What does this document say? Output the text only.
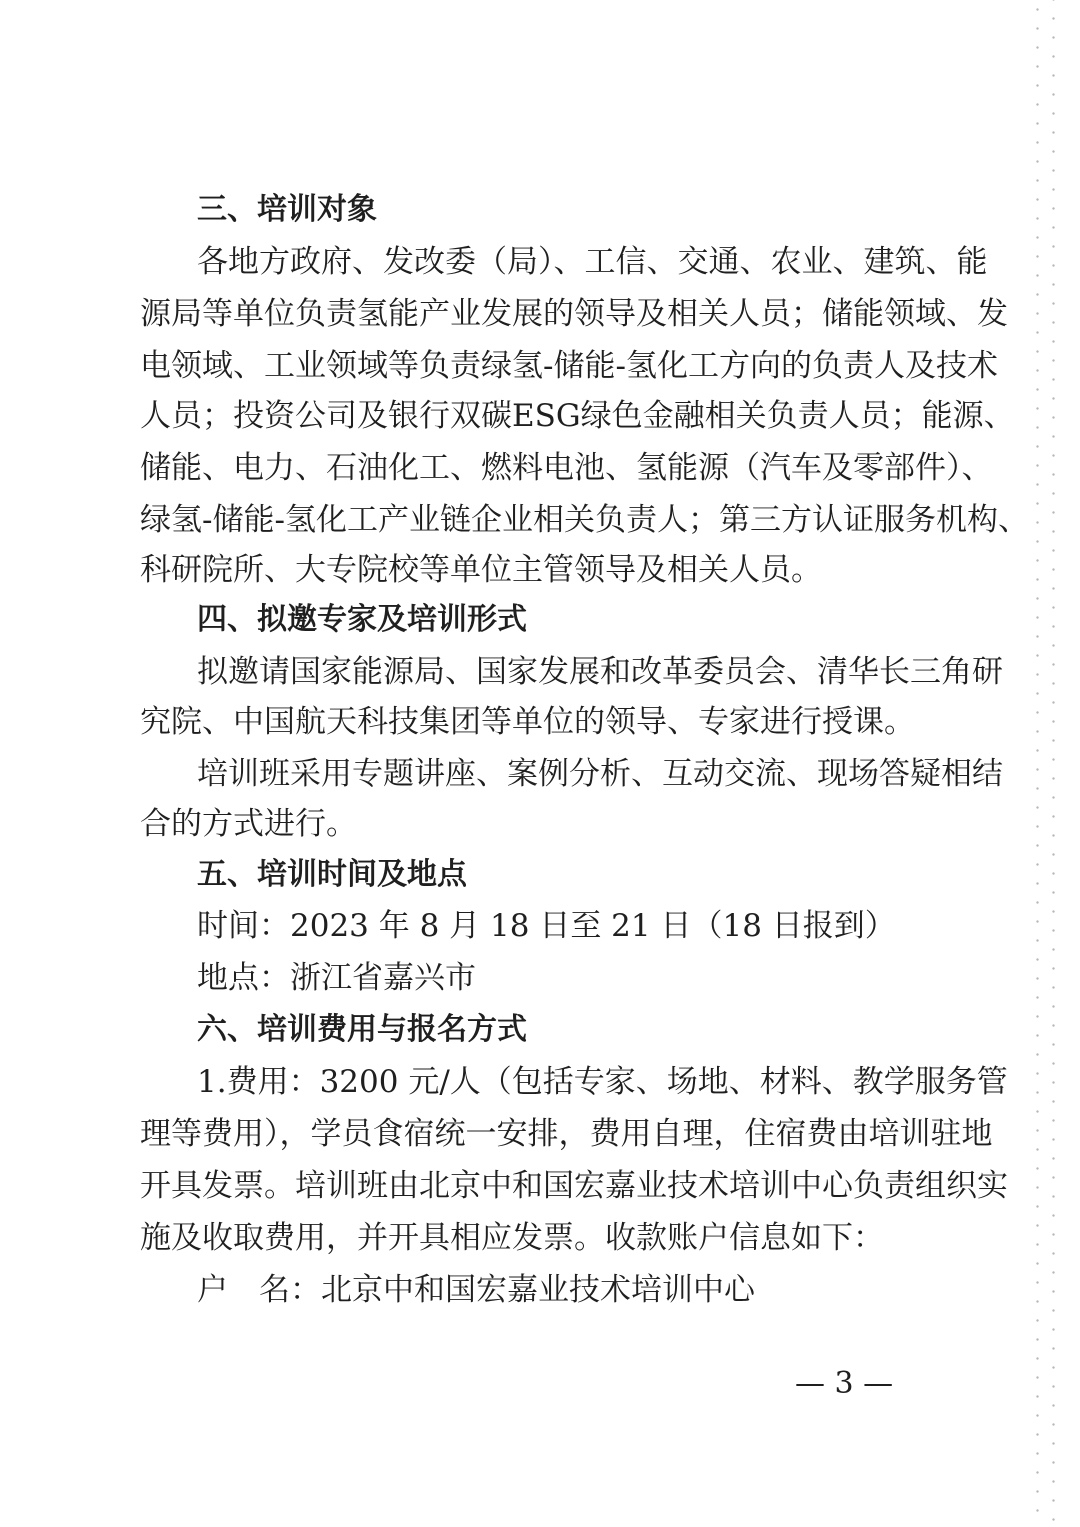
三、培训对象
各地方政府、发改委（局）、工信、交通、农业、建筑、能
源局等单位负责氢能产业发展的领导及相关人员；储能领域、发
电领域、工业领域等负责绿氢-储能-氢化工方向的负责人及技术
人员；投资公司及银行双碳ESG绿色金融相关负责人员；能源、
储能、电力、石油化工、燃料电池、氢能源（汽车及零部件）、
绿氢-储能-氢化工产业链企业相关负责人；第三方认证服务机构、
科研院所、大专院校等单位主管领导及相关人员。
四、拟邀专家及培训形式
拟邀请国家能源局、国家发展和改革委员会、清华长三角研
究院、中国航天科技集团等单位的领导、专家进行授课。
培训班采用专题讲座、案例分析、互动交流、现场答疑相结
合的方式进行。
五、培训时间及地点
时间：2023 年 8 月 18 日至 21 日（18 日报到）
地点：浙江省嘉兴市
六、培训费用与报名方式
1.费用：3200 元/人（包括专家、场地、材料、教学服务管
理等费用），学员食宿统一安排，费用自理，住宿费由培训驻地
开具发票。培训班由北京中和国宏嘉业技术培训中心负责组织实
施及收取费用，并开具相应发票。收款账户信息如下：
户　名：北京中和国宏嘉业技术培训中心
— 3 —
